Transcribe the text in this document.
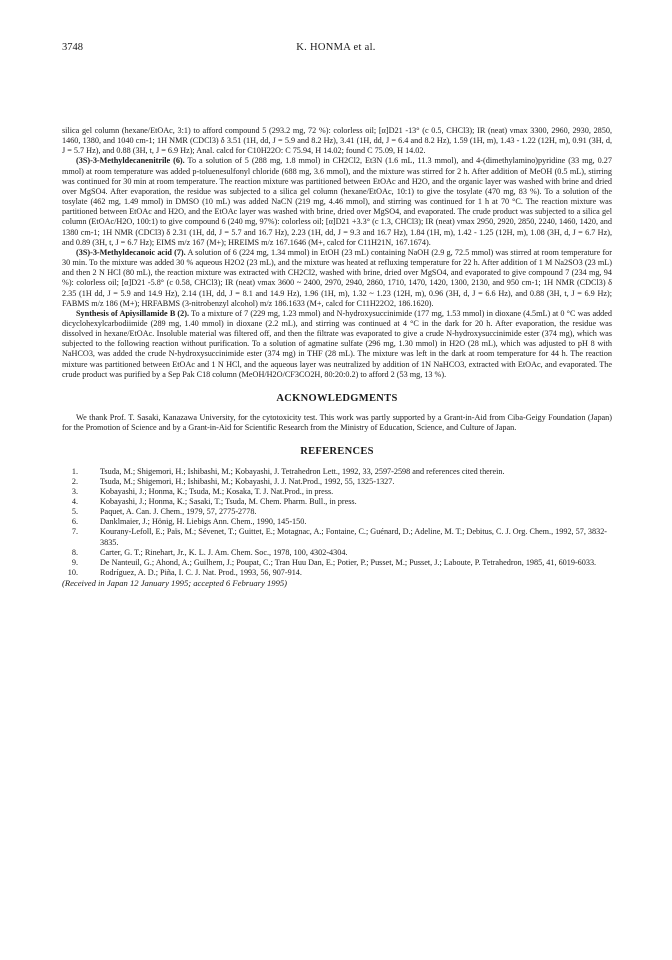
3748	K. HONMA et al.

silica gel column (hexane/EtOAc, 3:1) to afford compound 5 (293.2 mg, 72 %): colorless oil; [α]D21 -13° (c 0.5, CHCl3); IR (neat) νmax 3300, 2960, 2930, 2850, 1460, 1380, and 1040 cm-1; 1H NMR (CDCl3) δ 3.51 (1H, dd, J = 5.9 and 8.2 Hz), 3.41 (1H, dd, J = 6.4 and 8.2 Hz), 1.59 (1H, m), 1.43 - 1.22 (12H, m), 0.91 (3H, d, J = 5.7 Hz), and 0.88 (3H, t, J = 6.9 Hz); Anal. calcd for C10H22O: C 75.94, H 14.02; found C 75.09, H 14.02.

(3S)-3-Methyldecanenitrile (6). To a solution of 5 (288 mg, 1.8 mmol) in CH2Cl2, Et3N (1.6 mL, 11.3 mmol), and 4-(dimethylamino)pyridine (33 mg, 0.27 mmol) at room temperature was added p-toluenesulfonyl chloride (688 mg, 3.6 mmol), and the mixture was stirred for 2 h. After addition of MeOH (0.5 mL), stirring was continued for 30 min at room temperature. The reaction mixture was partitioned between EtOAc and H2O, and the organic layer was washed with brine and dried over MgSO4. After evaporation, the residue was subjected to a silica gel column (hexane/EtOAc, 10:1) to give the tosylate (470 mg, 83 %). To a solution of the tosylate (462 mg, 1.49 mmol) in DMSO (10 mL) was added NaCN (219 mg, 4.46 mmol), and stirring was continued for 1 h at 70 °C. The reaction mixture was partitioned between EtOAc and H2O, and the EtOAc layer was washed with brine, dried over MgSO4, and evaporated. The crude product was subjected to a silica gel column (EtOAc/H2O, 100:1) to give compound 6 (240 mg, 97%): colorless oil; [α]D21 +3.3° (c 1.3, CHCl3); IR (neat) νmax 2950, 2920, 2850, 2240, 1460, 1420, and 1380 cm-1; 1H NMR (CDCl3) δ 2.31 (1H, dd, J = 5.7 and 16.7 Hz), 2.23 (1H, dd, J = 9.3 and 16.7 Hz), 1.84 (1H, m), 1.42 - 1.25 (12H, m), 1.08 (3H, d, J = 6.7 Hz), and 0.89 (3H, t, J = 6.7 Hz); EIMS m/z 167 (M+); HREIMS m/z 167.1646 (M+, calcd for C11H21N, 167.1674).

(3S)-3-Methyldecanoic acid (7). A solution of 6 (224 mg, 1.34 mmol) in EtOH (23 mL) containing NaOH (2.9 g, 72.5 mmol) was stirred at room temperature for 30 min. To the mixture was added 30 % aqueous H2O2 (23 mL), and the mixture was heated at refluxing temperature for 22 h. After addition of 1 M Na2SO3 (23 mL) and then 2 N HCl (80 mL), the reaction mixture was extracted with CH2Cl2, washed with brine, dried over MgSO4, and evaporated to give compound 7 (234 mg, 94 %): colorless oil; [α]D21 -5.8° (c 0.58, CHCl3); IR (neat) νmax 3600 ~ 2400, 2970, 2940, 2860, 1710, 1470, 1420, 1300, 2130, and 950 cm-1; 1H NMR (CDCl3) δ 2.35 (1H dd, J = 5.9 and 14.9 Hz), 2.14 (1H, dd, J = 8.1 and 14.9 Hz), 1.96 (1H, m), 1.32 ~ 1.23 (12H, m), 0.96 (3H, d, J = 6.6 Hz), and 0.88 (3H, t, J = 6.9 Hz); FABMS m/z 186 (M+); HRFABMS (3-nitrobenzyl alcohol) m/z 186.1633 (M+, calcd for C11H22O2, 186.1620).

Synthesis of Apiysillamide B (2). To a mixture of 7 (229 mg, 1.23 mmol) and N-hydroxysuccinimide (177 mg, 1.53 mmol) in dioxane (4.5mL) at 0 °C was added dicyclohexylcarbodiimide (289 mg, 1.40 mmol) in dioxane (2.2 mL), and stirring was continued at 4 °C in the dark for 20 h. After evaporation, the residue was dissolved in hexane/EtOAc. Insoluble material was filtered off, and then the filtrate was evaporated to give a crude N-hydroxysuccinimide ester (374 mg), which was subjected to the following reaction without purification. To a solution of agmatine sulfate (296 mg, 1.30 mmol) in H2O (28 mL), which was adjusted to pH 8 with NaHCO3, was added the crude N-hydroxysuccinimide ester (374 mg) in THF (28 mL). The mixture was left in the dark at room temperature for 44 h. The reaction mixture was partitioned between EtOAc and 1 N HCl, and the aqueous layer was neutralized by addition of 1N NaHCO3, extracted with EtOAc, and evaporated. The crude product was purified by a Sep Pak C18 column (MeOH/H2O/CF3CO2H, 80:20:0.2) to afford 2 (53 mg, 13 %).

ACKNOWLEDGMENTS

We thank Prof. T. Sasaki, Kanazawa University, for the cytotoxicity test. This work was partly supported by a Grant-in-Aid from Ciba-Geigy Foundation (Japan) for the Promotion of Science and by a Grant-in-Aid for Scientific Research from the Ministry of Education, Science, and Culture of Japan.

REFERENCES
1.	Tsuda, M.; Shigemori, H.; Ishibashi, M.; Kobayashi, J. Tetrahedron Lett., 1992, 33, 2597-2598 and references cited therein.
2.	Tsuda, M.; Shigemori, H.; Ishibashi, M.; Kobayashi, J. J. Nat.Prod., 1992, 55, 1325-1327.
3.	Kobayashi, J.; Honma, K.; Tsuda, M.; Kosaka, T. J. Nat.Prod., in press.
4.	Kobayashi, J.; Honma, K.; Sasaki, T.; Tsuda, M. Chem. Pharm. Bull., in press.
5.	Paquet, A. Can. J. Chem., 1979, 57, 2775-2778.
6.	Danklmaier, J.; Hönig, H. Liebigs Ann. Chem., 1990, 145-150.
7.	Kourany-Lefoll, E.; Païs, M.; Sévenet, T.; Guittet, E.; Motagnac, A.; Fontaine, C.; Guénard, D.; Adeline, M. T.; Debitus, C. J. Org. Chem., 1992, 57, 3832-3835.
8.	Carter, G. T.; Rinehart, Jr., K. L. J. Am. Chem. Soc., 1978, 100, 4302-4304.
9.	De Nanteuil, G.; Ahond, A.; Guilhem, J.; Poupat, C.; Tran Huu Dan, E.; Potier, P.; Pusset, M.; Pusset, J.; Laboute, P. Tetrahedron, 1985, 41, 6019-6033.
10.	Rodríguez, A. D.; Piña, I. C. J. Nat. Prod., 1993, 56, 907-914.

(Received in Japan 12 January 1995; accepted 6 February 1995)
